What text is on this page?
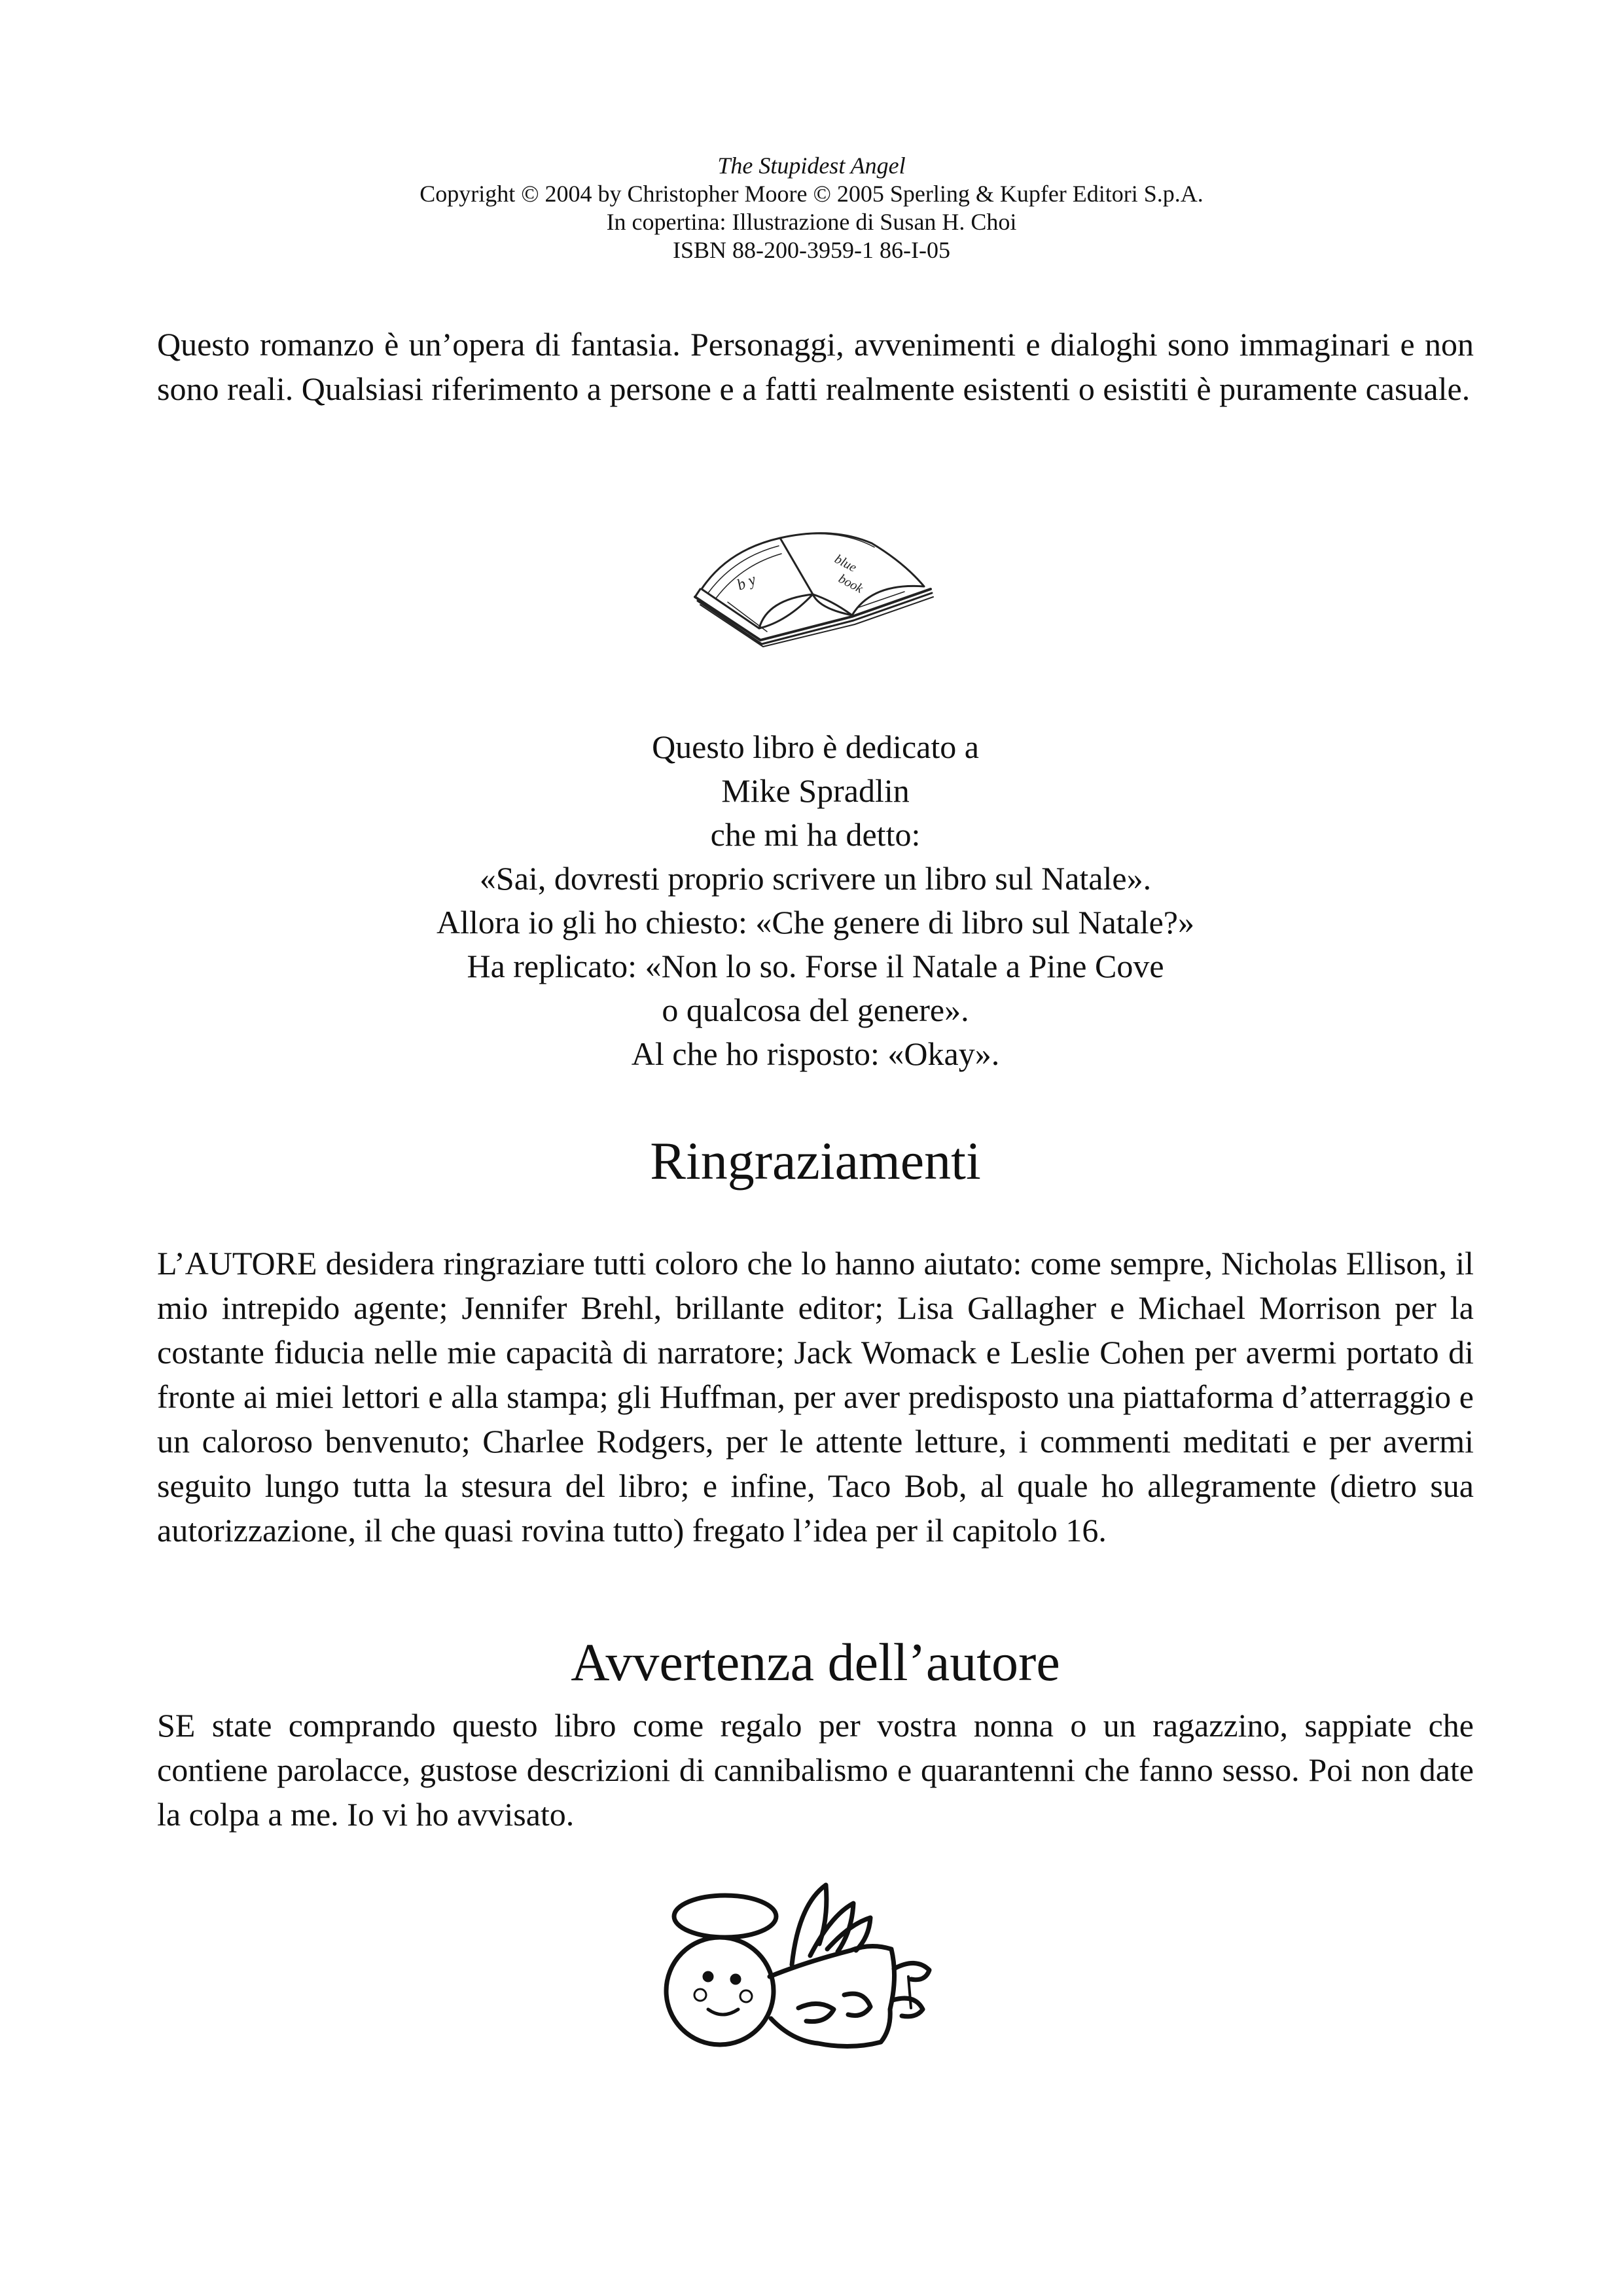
The Stupidest Angel
Copyright © 2004 by Christopher Moore © 2005 Sperling & Kupfer Editori S.p.A.
In copertina: Illustrazione di Susan H. Choi
ISBN 88-200-3959-1 86-I-05

Questo romanzo è un’opera di fantasia. Personaggi, avvenimenti e dialoghi sono immaginari e non sono reali. Qualsiasi riferimento a persone e a fatti realmente esistenti o esistiti è puramente casuale.

b y
blue
book
Questo libro è dedicato a
Mike Spradlin
che mi ha detto:
«Sai, dovresti proprio scrivere un libro sul Natale».
Allora io gli ho chiesto: «Che genere di libro sul Natale?»
Ha replicato: «Non lo so. Forse il Natale a Pine Cove
o qualcosa del genere».
Al che ho risposto: «Okay».
Ringraziamenti

L’AUTORE desidera ringraziare tutti coloro che lo hanno aiutato: come sempre, Nicholas Ellison, il mio intrepido agente; Jennifer Brehl, brillante editor; Lisa Gallagher e Michael Morrison per la costante fiducia nelle mie capacità di narratore; Jack Womack e Leslie Cohen per avermi portato di fronte ai miei lettori e alla stampa; gli Huffman, per aver predisposto una piattaforma d’atterraggio e un caloroso benvenuto; Charlee Rodgers, per le attente letture, i commenti meditati e per avermi seguito lungo tutta la stesura del libro; e infine, Taco Bob, al quale ho allegramente (dietro sua autorizzazione, il che quasi rovina tutto) fregato l’idea per il capitolo 16.

Avvertenza dell’autore

SE state comprando questo libro come regalo per vostra nonna o un ragazzino, sappiate che contiene parolacce, gustose descrizioni di cannibalismo e quarantenni che fanno sesso. Poi non date la colpa a me. Io vi ho avvisato.
